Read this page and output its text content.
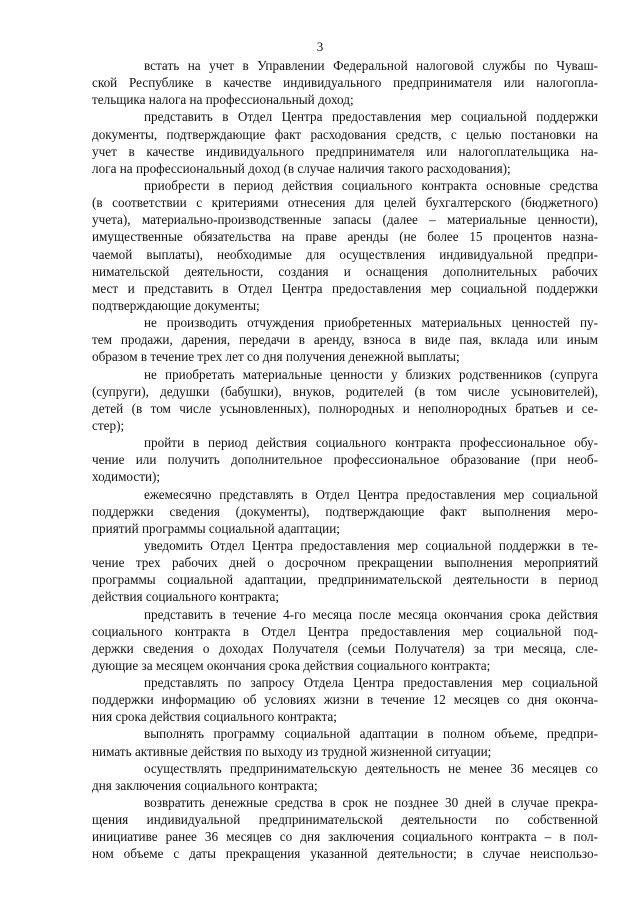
3
встать на учет в Управлении Федеральной налоговой службы по Чуваш-
ской Республике в качестве индивидуального предпринимателя или налогопла-
тельщика налога на профессиональный доход;
представить в Отдел Центра предоставления мер социальной поддержки
документы, подтверждающие факт расходования средств, с целью постановки на
учет в качестве индивидуального предпринимателя или налогоплательщика на-
лога на профессиональный доход (в случае наличия такого расходования);
приобрести в период действия социального контракта основные средства
(в соответствии с критериями отнесения для целей бухгалтерского (бюджетного)
учета), материально-производственные запасы (далее – материальные ценности),
имущественные обязательства на праве аренды (не более 15 процентов назна-
чаемой выплаты), необходимые для осуществления индивидуальной предпри-
нимательской деятельности, создания и оснащения дополнительных рабочих
мест и представить в Отдел Центра предоставления мер социальной поддержки
подтверждающие документы;
не производить отчуждения приобретенных материальных ценностей пу-
тем продажи, дарения, передачи в аренду, взноса в виде пая, вклада или иным
образом в течение трех лет со дня получения денежной выплаты;
не приобретать материальные ценности у близких родственников (супруга
(супруги), дедушки (бабушки), внуков, родителей (в том числе усыновителей),
детей (в том числе усыновленных), полнородных и неполнородных братьев и се-
стер);
пройти в период действия социального контракта профессиональное обу-
чение или получить дополнительное профессиональное образование (при необ-
ходимости);
ежемесячно представлять в Отдел Центра предоставления мер социальной
поддержки сведения (документы), подтверждающие факт выполнения меро-
приятий программы социальной адаптации;
уведомить Отдел Центра предоставления мер социальной поддержки в те-
чение трех рабочих дней о досрочном прекращении выполнения мероприятий
программы социальной адаптации, предпринимательской деятельности в период
действия социального контракта;
представить в течение 4-го месяца после месяца окончания срока действия
социального контракта в Отдел Центра предоставления мер социальной под-
держки сведения о доходах Получателя (семьи Получателя) за три месяца, сле-
дующие за месяцем окончания срока действия социального контракта;
представлять по запросу Отдела Центра предоставления мер социальной
поддержки информацию об условиях жизни в течение 12 месяцев со дня оконча-
ния срока действия социального контракта;
выполнять программу социальной адаптации в полном объеме, предпри-
нимать активные действия по выходу из трудной жизненной ситуации;
осуществлять предпринимательскую деятельность не менее 36 месяцев со
дня заключения социального контракта;
возвратить денежные средства в срок не позднее 30 дней в случае прекра-
щения индивидуальной предпринимательской деятельности по собственной
инициативе ранее 36 месяцев со дня заключения социального контракта – в пол-
ном объеме с даты прекращения указанной деятельности; в случае неиспользо-
